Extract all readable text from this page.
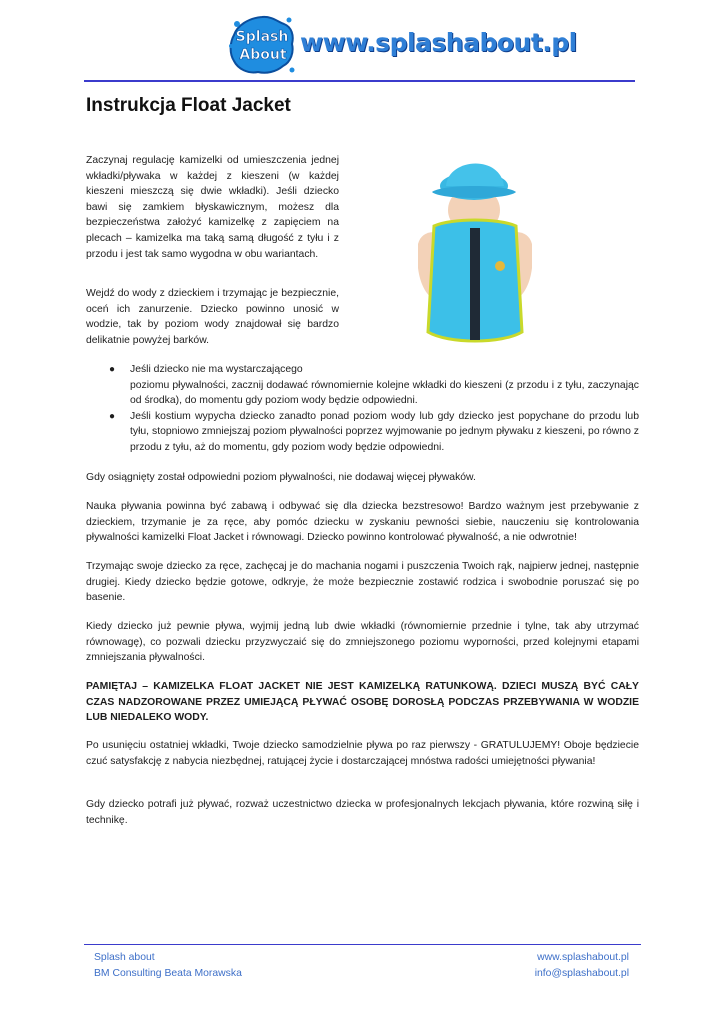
Splash
About www.splashabout.pl
Instrukcja Float Jacket

Zaczynaj regulację kamizelki od umieszczenia jednej wkładki/pływaka w każdej z kieszeni (w każdej kieszeni mieszczą się dwie wkładki). Jeśli dziecko bawi się zamkiem błyskawicznym, możesz dla bezpieczeństwa założyć kamizelkę z zapięciem na plecach – kamizelka ma taką samą długość z tyłu i z przodu i jest tak samo wygodna w obu wariantach.

Wejdź do wody z dzieckiem i trzymając je bezpiecznie, oceń ich zanurzenie. Dziecko powinno unosić w wodzie, tak by poziom wody znajdował się bardzo delikatnie powyżej barków.

● Jeśli dziecko nie ma wystarczającego
poziomu pływalności, zacznij dodawać równomiernie kolejne wkładki do kieszeni (z przodu i z tyłu, zaczynając od środka), do momentu gdy poziom wody będzie odpowiedni.
● Jeśli kostium wypycha dziecko zanadto ponad poziom wody lub gdy dziecko jest popychane do przodu lub tyłu, stopniowo zmniejszaj poziom pływalności poprzez wyjmowanie po jednym pływaku z kieszeni, po równo z przodu z tyłu, aż do momentu, gdy poziom wody będzie odpowiedni.

Gdy osiągnięty został odpowiedni poziom pływalności, nie dodawaj więcej pływaków.

Nauka pływania powinna być zabawą i odbywać się dla dziecka bezstresowo! Bardzo ważnym jest przebywanie z dzieckiem, trzymanie je za ręce, aby pomóc dziecku w zyskaniu pewności siebie, nauczeniu się kontrolowania pływalności kamizelki Float Jacket i równowagi. Dziecko powinno kontrolować pływalność, a nie odwrotnie!

Trzymając swoje dziecko za ręce, zachęcaj je do machania nogami i puszczenia Twoich rąk, najpierw jednej, następnie drugiej. Kiedy dziecko będzie gotowe, odkryje, że może bezpiecznie zostawić rodzica i swobodnie poruszać się po basenie.

Kiedy dziecko już pewnie pływa, wyjmij jedną lub dwie wkładki (równomiernie przednie i tylne, tak aby utrzymać równowagę), co pozwali dziecku przyzwyczaić się do zmniejszonego poziomu wyporności, przed kolejnymi etapami zmniejszania pływalności.

PAMIĘTAJ – KAMIZELKA FLOAT JACKET NIE JEST KAMIZELKĄ RATUNKOWĄ. DZIECI MUSZĄ BYĆ CAŁY CZAS NADZOROWANE PRZEZ UMIEJĄCĄ PŁYWAĆ OSOBĘ DOROSŁĄ PODCZAS PRZEBYWANIA W WODZIE LUB NIEDALEKO WODY.

Po usunięciu ostatniej wkładki, Twoje dziecko samodzielnie pływa po raz pierwszy - GRATULUJEMY! Oboje będziecie czuć satysfakcję z nabycia niezbędnej, ratującej życie i dostarczającej mnóstwa radości umiejętności pływania!

Gdy dziecko potrafi już pływać, rozważ uczestnictwo dziecka w profesjonalnych lekcjach pływania, które rozwiną siłę i technikę.

Splash about
BM Consulting Beata Morawska
www.splashabout.pl
info@splashabout.pl
